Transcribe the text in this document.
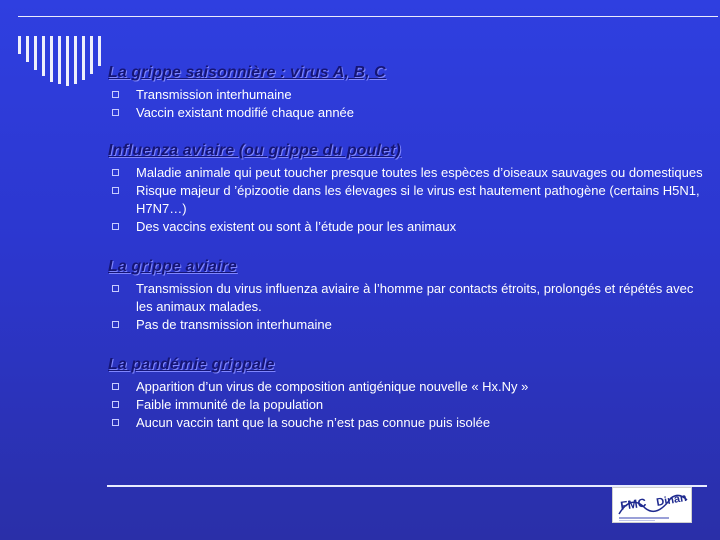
La grippe saisonnière : virus A, B, C
Transmission interhumaine
Vaccin existant modifié chaque année
Influenza aviaire (ou grippe du poulet)
Maladie animale qui peut toucher presque toutes les espèces d’oiseaux sauvages ou domestiques
Risque majeur d ’épizootie dans les élevages si le virus est hautement pathogène (certains H5N1, H7N7…)
Des vaccins existent ou sont à l’étude pour les animaux
La grippe aviaire
Transmission du virus influenza aviaire à l’homme par contacts étroits, prolongés et répétés avec les animaux malades.
Pas de transmission interhumaine
La pandémie grippale
Apparition d’un virus de composition antigénique nouvelle « Hx.Ny »
Faible immunité de la population
Aucun vaccin tant que la souche n’est pas connue puis isolée
FMC Dinan
